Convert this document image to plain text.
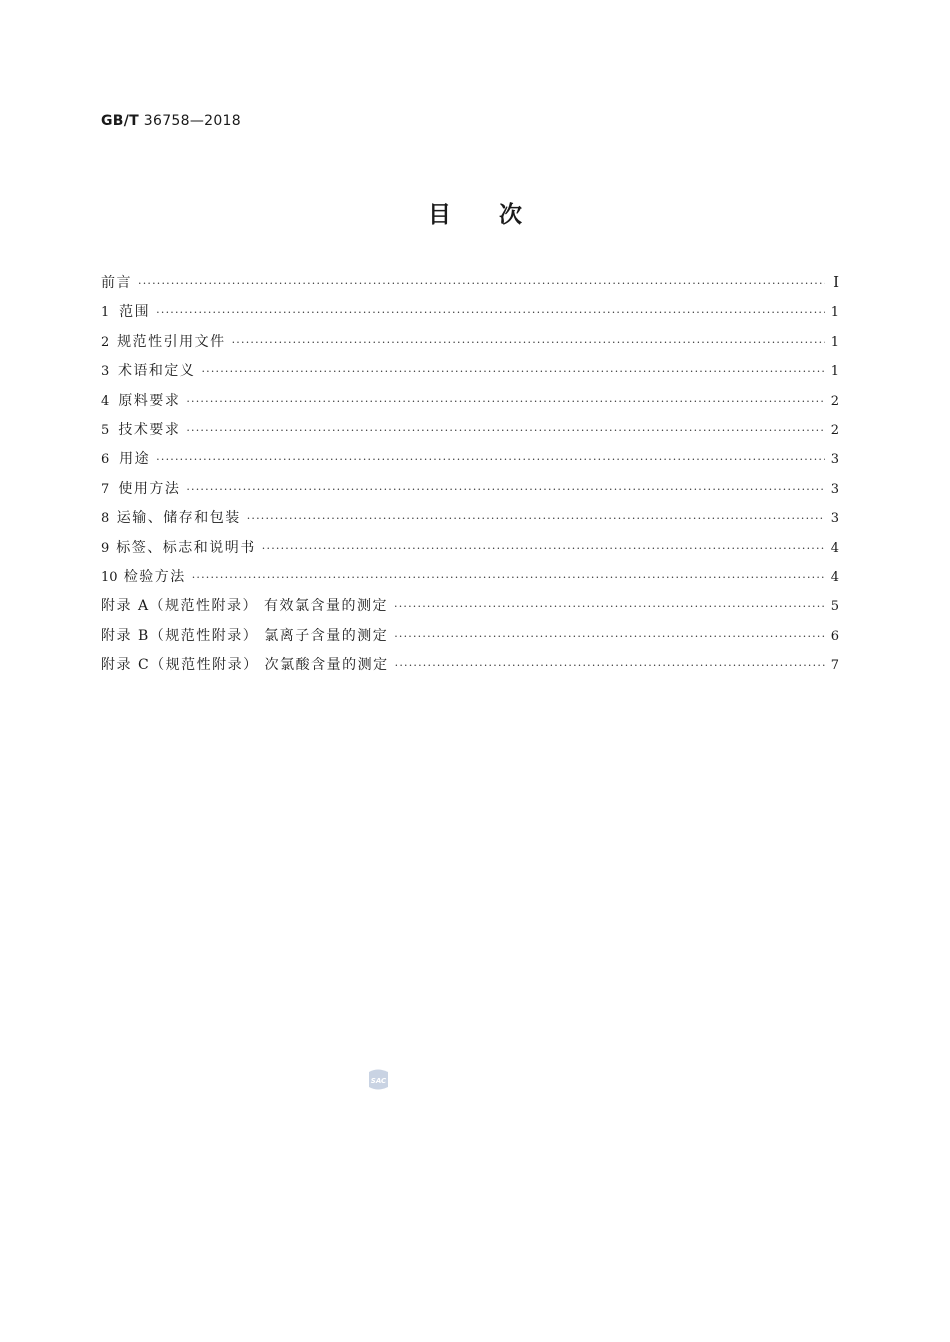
GB/T 36758—2018
目次
前言 ·····	I
1 范围 ·····	1
2 规范性引用文件 ·····	1
3 术语和定义 ·····	1
4 原料要求 ·····	2
5 技术要求 ·····	2
6 用途 ·····	3
7 使用方法 ·····	3
8 运输、储存和包装 ·····	3
9 标签、标志和说明书 ·····	4
10 检验方法 ·····	4
附录 A（规范性附录） 有效氯含量的测定 ·····	5
附录 B（规范性附录） 氯离子含量的测定 ·····	6
附录 C（规范性附录） 次氯酸含量的测定 ·····	7
SAC
